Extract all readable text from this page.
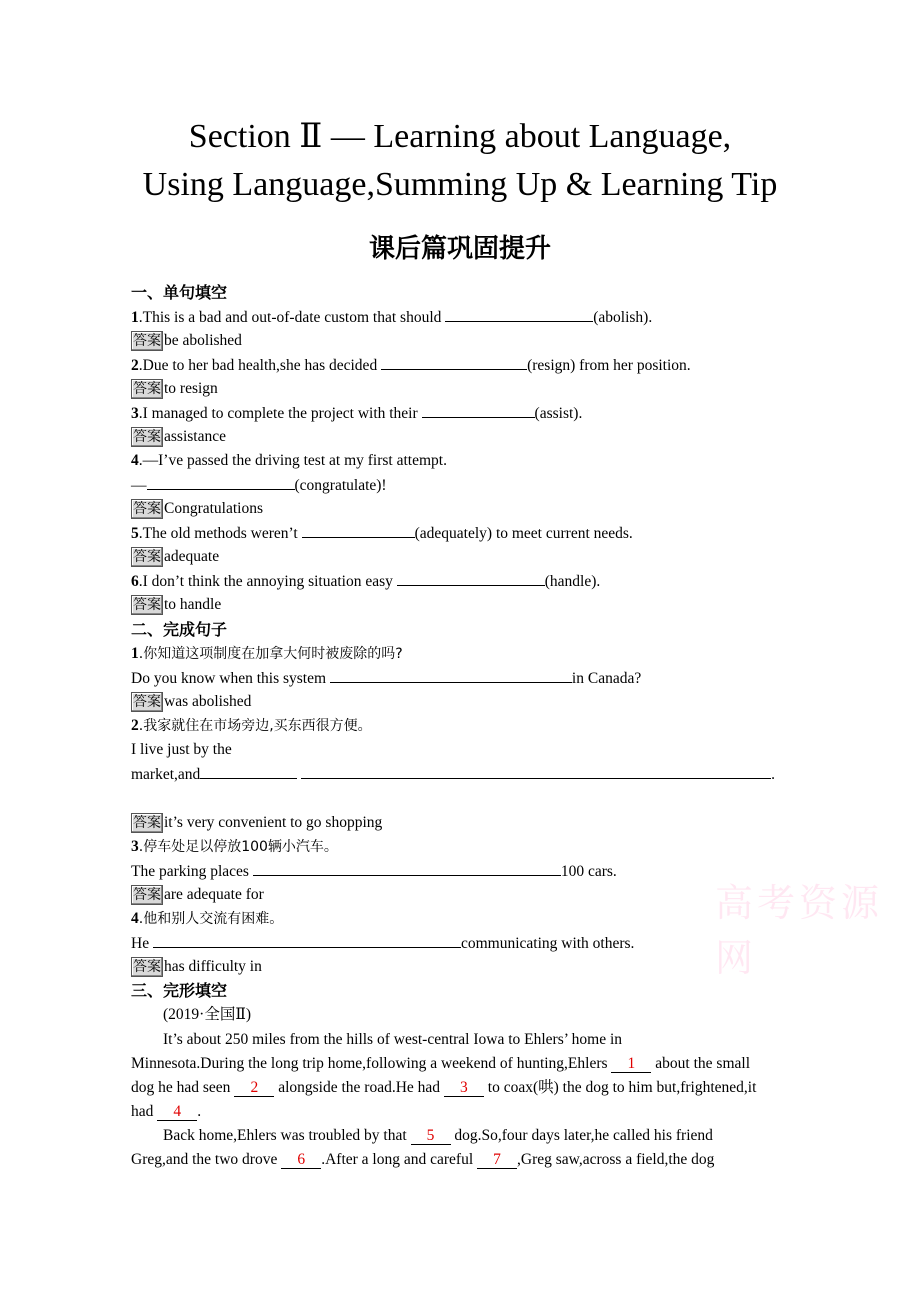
Section Ⅱ — Learning about Language,
Using Language,Summing Up & Learning Tip
课后篇巩固提升
一、单句填空
1.This is a bad and out-of-date custom that should	(abolish).
答案 be abolished
2.Due to her bad health,she has decided	(resign) from her position.
答案 to resign
3.I managed to complete the project with their	(assist).
答案 assistance
4.—I’ve passed the driving test at my first attempt.
—	(congratulate)!
答案 Congratulations
5.The old methods weren’t	(adequately) to meet current needs.
答案 adequate
6.I don’t think the annoying situation easy	(handle).
答案 to handle
二、完成句子
1.你知道这项制度在加拿大何时被废除的吗?
Do you know when this system	in Canada?
答案 was abolished
2.我家就住在市场旁边,买东西很方便。
I live just by the
market,and	.
答案 it’s very convenient to go shopping
3.停车处足以停放100辆小汽车。
The parking places	100 cars.
答案 are adequate for
4.他和别人交流有困难。
He	communicating with others.
答案 has difficulty in
三、完形填空
(2019·全国Ⅱ)
It’s about 250 miles from the hills of west-central Iowa to Ehlers’ home in
Minnesota.During the long trip home,following a weekend of hunting,Ehlers 1 about the small
dog he had seen 2 alongside the road.He had 3 to coax(哄) the dog to him but,frightened,it
had 4 .
Back home,Ehlers was troubled by that 5 dog.So,four days later,he called his friend
Greg,and the two drove 6 .After a long and careful 7 ,Greg saw,across a field,the dog
高考资源网
